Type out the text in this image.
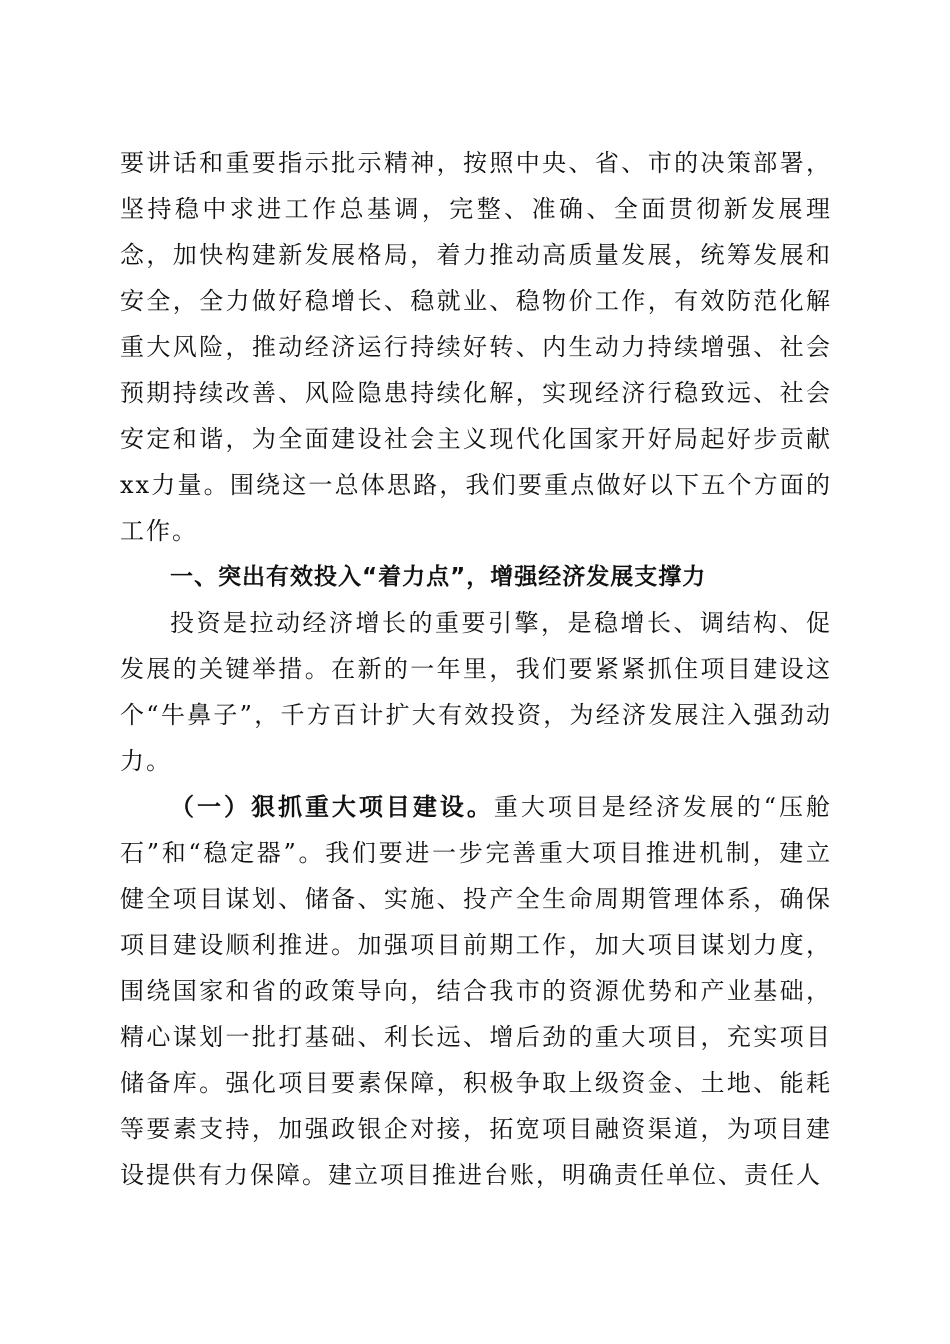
要讲话和重要指示批示精神，按照中央、省、市的决策部署，坚持稳中求进工作总基调，完整、准确、全面贯彻新发展理念，加快构建新发展格局，着力推动高质量发展，统筹发展和安全，全力做好稳增长、稳就业、稳物价工作，有效防范化解重大风险，推动经济运行持续好转、内生动力持续增强、社会预期持续改善、风险隐患持续化解，实现经济行稳致远、社会安定和谐，为全面建设社会主义现代化国家开好局起好步贡献xx力量。围绕这一总体思路，我们要重点做好以下五个方面的工作。

一、突出有效投入“着力点”，增强经济发展支撑力

投资是拉动经济增长的重要引擎，是稳增长、调结构、促发展的关键举措。在新的一年里，我们要紧紧抓住项目建设这个“牛鼻子”，千方百计扩大有效投资，为经济发展注入强劲动力。

（一）狠抓重大项目建设。重大项目是经济发展的“压舱石”和“稳定器”。我们要进一步完善重大项目推进机制，建立健全项目谋划、储备、实施、投产全生命周期管理体系，确保项目建设顺利推进。加强项目前期工作，加大项目谋划力度，围绕国家和省的政策导向，结合我市的资源优势和产业基础，精心谋划一批打基础、利长远、增后劲的重大项目，充实项目储备库。强化项目要素保障，积极争取上级资金、土地、能耗等要素支持，加强政银企对接，拓宽项目融资渠道，为项目建设提供有力保障。建立项目推进台账，明确责任单位、责任人
